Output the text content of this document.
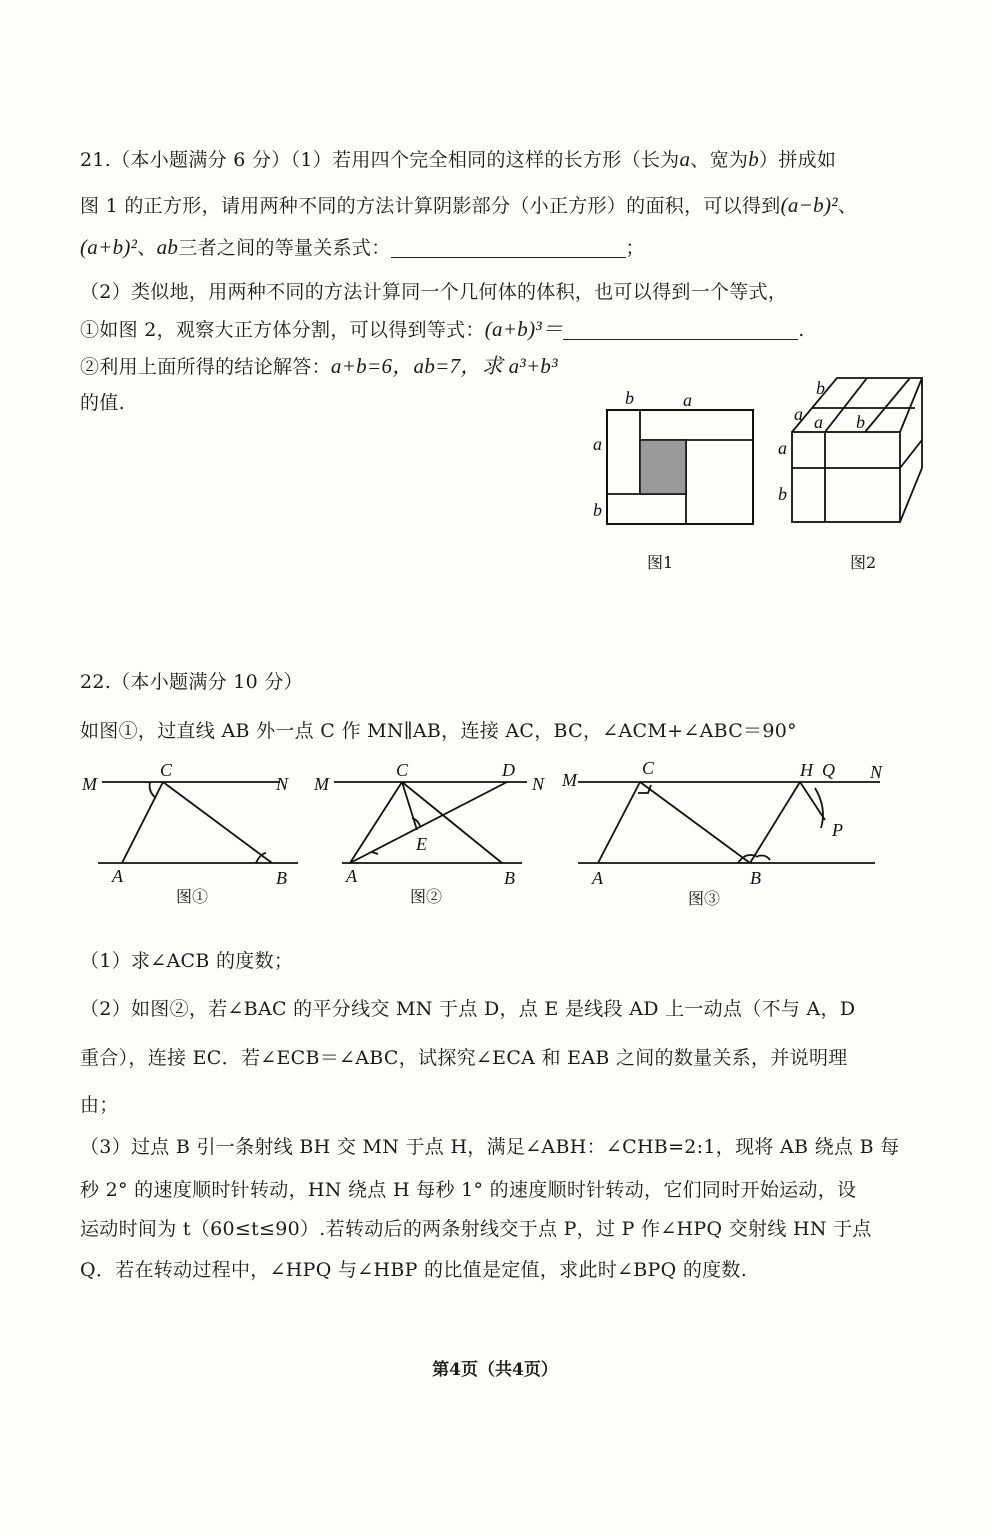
21.（本小题满分 6 分）（1）若用四个完全相同的这样的长方形（长为a、宽为b）拼成如
图 1 的正方形，请用两种不同的方法计算阴影部分（小正方形）的面积，可以得到(a−b)²、
(a+b)²、ab三者之间的等量关系式：	；
（2）类似地，用两种不同的方法计算同一个几何体的体积，也可以得到一个等式，
①如图 2，观察大正方体分割，可以得到等式：(a+b)³＝	.
②利用上面所得的结论解答：a+b=6，ab=7，求 a³+b³
的值.	b	a
a
b
图1
b
a a b
a
b
图2
22.（本小题满分 10 分）
如图①，过直线 AB 外一点 C 作 MN∥AB，连接 AC，BC，∠ACM+∠ABC＝90°
M
C
N
A	B
图①
M
C	D
N
E
A	B
图②
M
C	H Q N
P
A	B
图③
（1）求∠ACB 的度数；
（2）如图②，若∠BAC 的平分线交 MN 于点 D，点 E 是线段 AD 上一动点（不与 A，D
重合），连接 EC．若∠ECB＝∠ABC，试探究∠ECA 和 EAB 之间的数量关系，并说明理
由；
（3）过点 B 引一条射线 BH 交 MN 于点 H，满足∠ABH：∠CHB=2:1，现将 AB 绕点 B 每
秒 2° 的速度顺时针转动，HN 绕点 H 每秒 1° 的速度顺时针转动，它们同时开始运动，设
运动时间为 t（60≤t≤90）.若转动后的两条射线交于点 P，过 P 作∠HPQ 交射线 HN 于点
Q．若在转动过程中，∠HPQ 与∠HBP 的比值是定值，求此时∠BPQ 的度数.
第4页（共4页）
